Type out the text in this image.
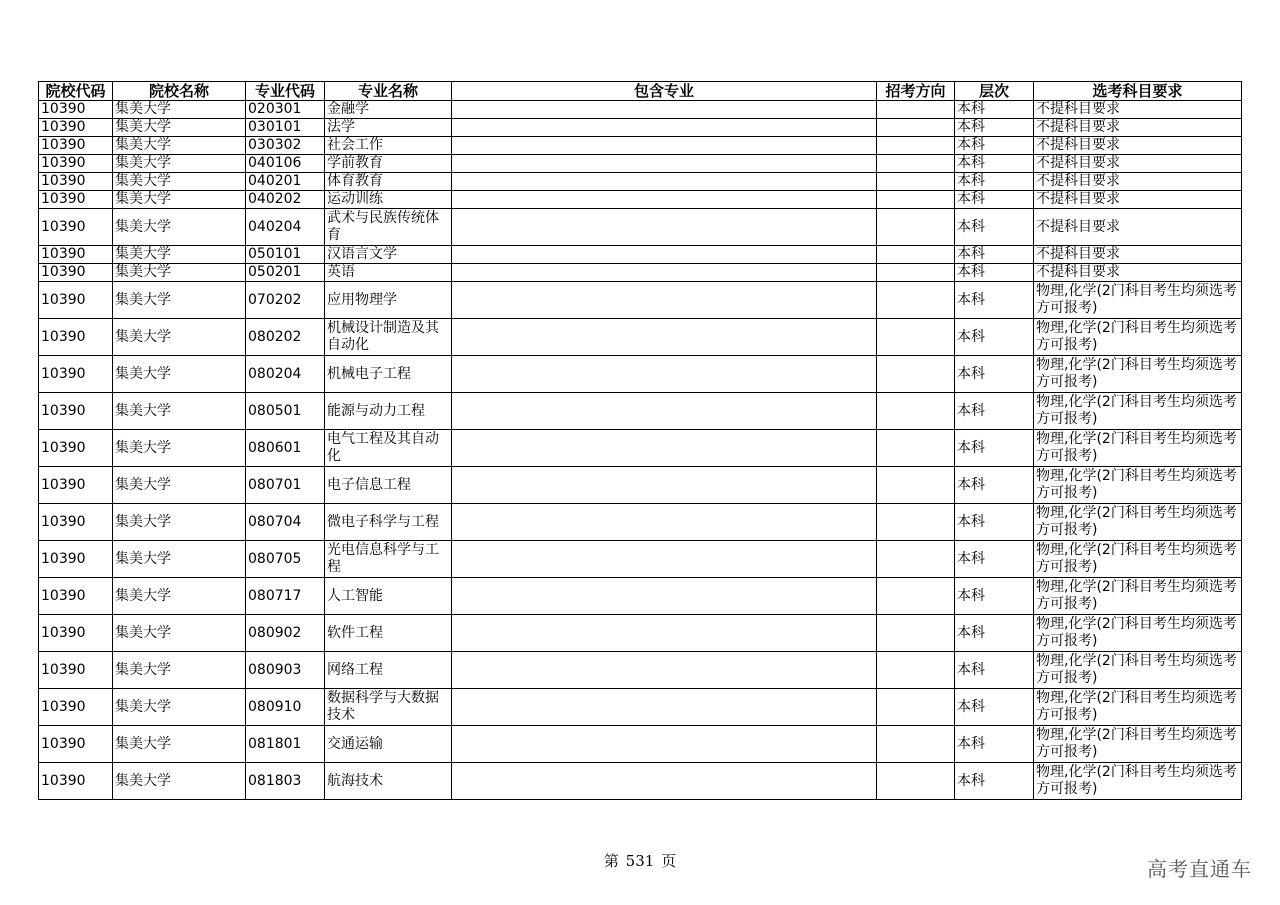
院校代码	院校名称	专业代码	专业名称	包含专业	招考方向	层次	选考科目要求
10390	集美大学	020301	金融学			本科	不提科目要求
10390	集美大学	030101	法学			本科	不提科目要求
10390	集美大学	030302	社会工作			本科	不提科目要求
10390	集美大学	040106	学前教育			本科	不提科目要求
10390	集美大学	040201	体育教育			本科	不提科目要求
10390	集美大学	040202	运动训练			本科	不提科目要求
10390	集美大学	040204	武术与民族传统体育			本科	不提科目要求
10390	集美大学	050101	汉语言文学			本科	不提科目要求
10390	集美大学	050201	英语			本科	不提科目要求
10390	集美大学	070202	应用物理学			本科	物理,化学(2门科目考生均须选考方可报考)
10390	集美大学	080202	机械设计制造及其自动化			本科	物理,化学(2门科目考生均须选考方可报考)
10390	集美大学	080204	机械电子工程			本科	物理,化学(2门科目考生均须选考方可报考)
10390	集美大学	080501	能源与动力工程			本科	物理,化学(2门科目考生均须选考方可报考)
10390	集美大学	080601	电气工程及其自动化			本科	物理,化学(2门科目考生均须选考方可报考)
10390	集美大学	080701	电子信息工程			本科	物理,化学(2门科目考生均须选考方可报考)
10390	集美大学	080704	微电子科学与工程			本科	物理,化学(2门科目考生均须选考方可报考)
10390	集美大学	080705	光电信息科学与工程			本科	物理,化学(2门科目考生均须选考方可报考)
10390	集美大学	080717	人工智能			本科	物理,化学(2门科目考生均须选考方可报考)
10390	集美大学	080902	软件工程			本科	物理,化学(2门科目考生均须选考方可报考)
10390	集美大学	080903	网络工程			本科	物理,化学(2门科目考生均须选考方可报考)
10390	集美大学	080910	数据科学与大数据技术			本科	物理,化学(2门科目考生均须选考方可报考)
10390	集美大学	081801	交通运输			本科	物理,化学(2门科目考生均须选考方可报考)
10390	集美大学	081803	航海技术			本科	物理,化学(2门科目考生均须选考方可报考)
第 531 页	高考直通车
